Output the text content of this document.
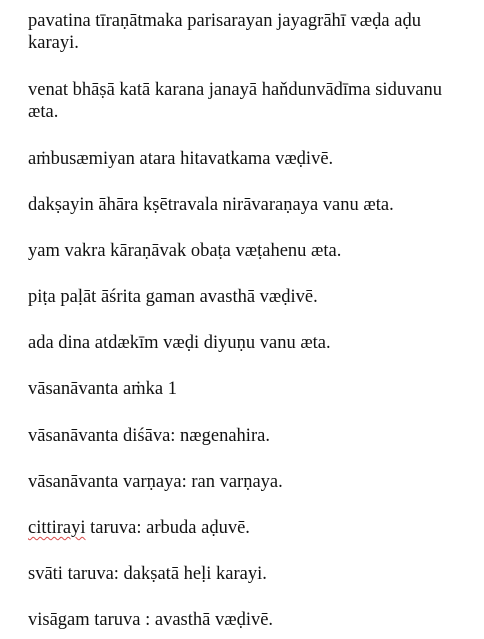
pavatina tīraṇātmaka parisarayan jayagrāhī væḍa aḍu karayi.

venat bhāṣā katā karana janayā haňdunvādīma siduvanu æta.

aṁbusæmiyan atara hitavatkama væḍivē.

dakṣayin āhāra kṣētravala nirāvaraṇaya vanu æta.

yam vakra kāraṇāvak obaṭa væṭahenu æta.

piṭa paḷāt āśrita gaman avasthā væḍivē.

ada dina atdækīm væḍi diyuṇu vanu æta.

vāsanāvanta aṁka 1

vāsanāvanta diśāva: nægenahira.

vāsanāvanta varṇaya: ran varṇaya.

cittirayi taruva: arbuda aḍuvē.

svāti taruva: dakṣatā heḷi karayi.

visāgam taruva : avasthā væḍivē.
